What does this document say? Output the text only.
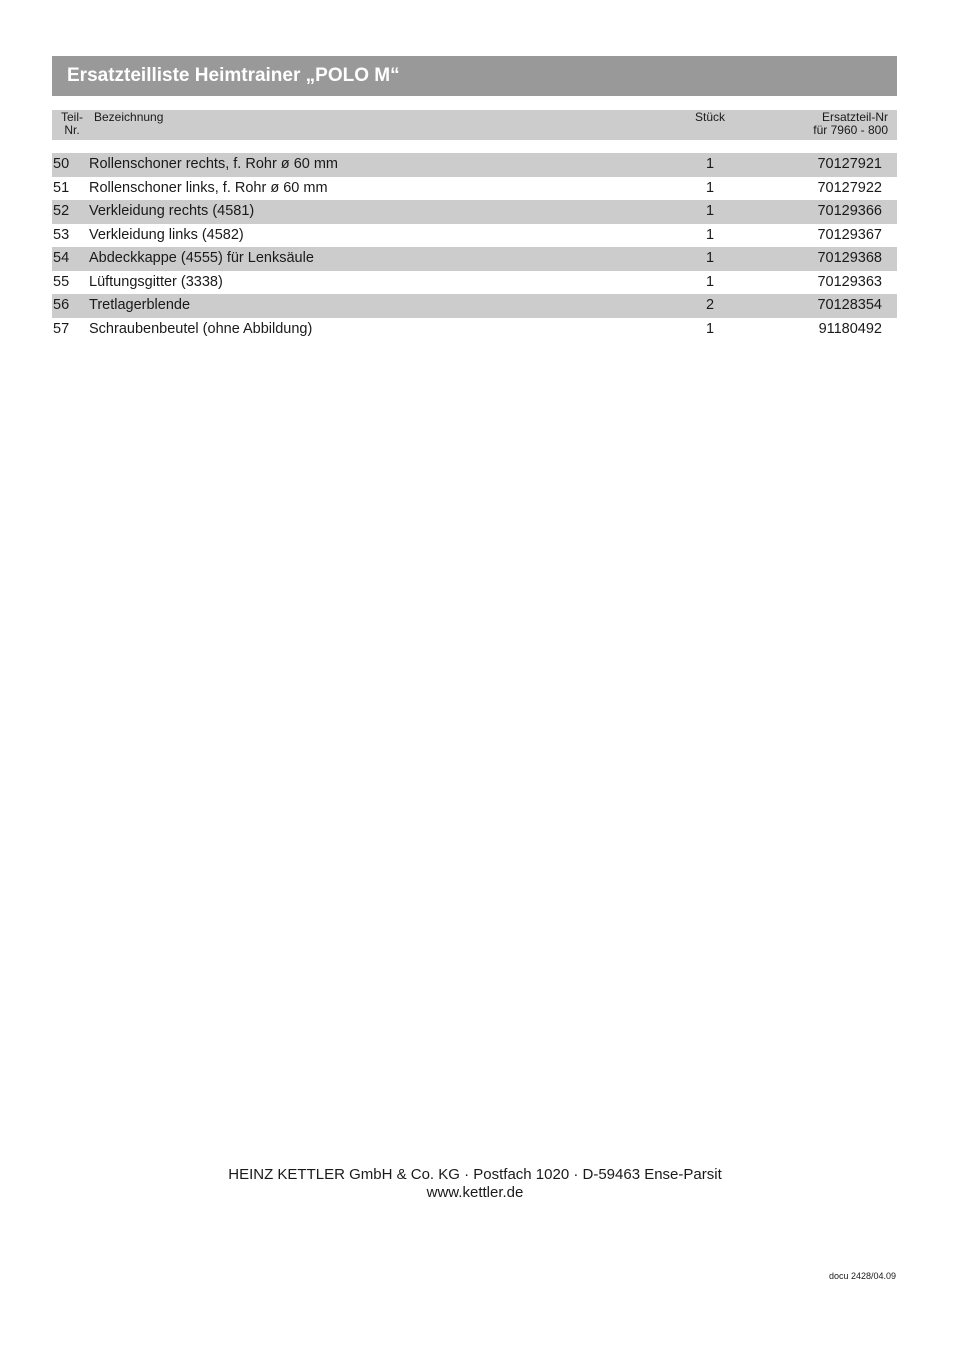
Ersatzteilliste Heimtrainer „POLO M“
Teil-
Nr.
Bezeichnung	Stück	Ersatzteil-Nr
für 7960 - 800
50 Rollenschoner rechts, f. Rohr ø 60 mm	1	70127921
51 Rollenschoner links, f. Rohr ø 60 mm	1	70127922
52 Verkleidung rechts (4581)	1	70129366
53 Verkleidung links (4582)	1	70129367
54 Abdeckkappe (4555) für Lenksäule	1	70129368
55 Lüftungsgitter (3338)	1	70129363
56 Tretlagerblende	2	70128354
57 Schraubenbeutel (ohne Abbildung)	1	91180492
HEINZ KETTLER GmbH & Co. KG · Postfach 1020 · D-59463 Ense-Parsit
www.kettler.de
docu 2428/04.09
